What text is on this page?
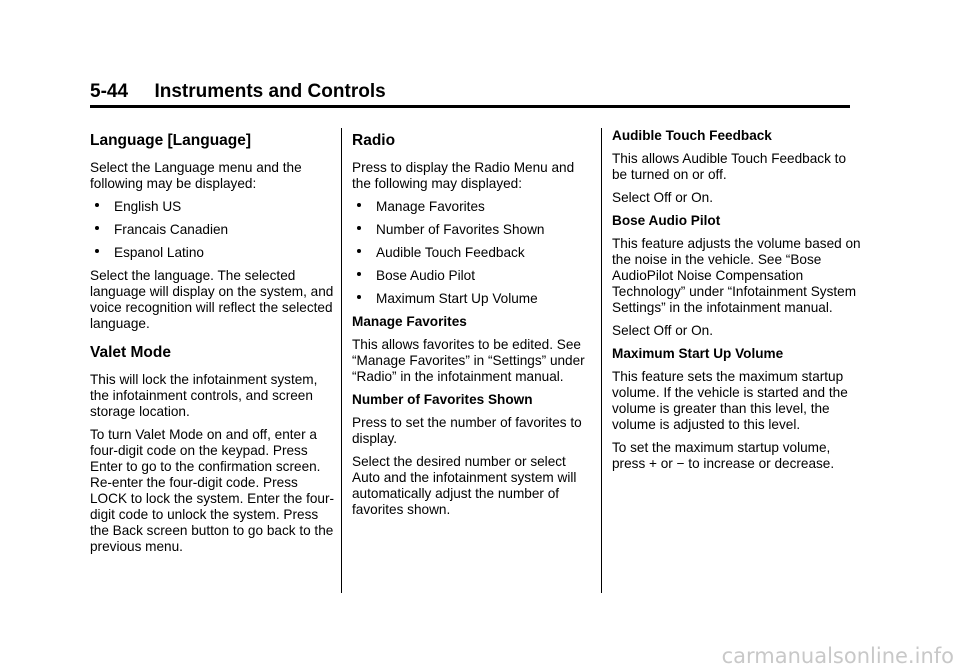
5-44 Instruments and Controls
Language [Language]

Select the Language menu and the following may be displayed:

English US
Francais Canadien
Espanol Latino

Select the language. The selected language will display on the system, and voice recognition will reflect the selected language.

Valet Mode

This will lock the infotainment system, the infotainment controls, and screen storage location.

To turn Valet Mode on and off, enter a four-digit code on the keypad. Press Enter to go to the confirmation screen. Re-enter the four-digit code. Press LOCK to lock the system. Enter the four-digit code to unlock the system. Press the Back screen button to go back to the previous menu.

Radio

Press to display the Radio Menu and the following may displayed:

Manage Favorites
Number of Favorites Shown
Audible Touch Feedback
Bose Audio Pilot
Maximum Start Up Volume

Manage Favorites

This allows favorites to be edited. See “Manage Favorites” in “Settings” under “Radio” in the infotainment manual.

Number of Favorites Shown

Press to set the number of favorites to display.

Select the desired number or select Auto and the infotainment system will automatically adjust the number of favorites shown.

Audible Touch Feedback

This allows Audible Touch Feedback to be turned on or off.

Select Off or On.

Bose Audio Pilot

This feature adjusts the volume based on the noise in the vehicle. See “Bose AudioPilot Noise Compensation Technology” under “Infotainment System Settings” in the infotainment manual.

Select Off or On.

Maximum Start Up Volume

This feature sets the maximum startup volume. If the vehicle is started and the volume is greater than this level, the volume is adjusted to this level.

To set the maximum startup volume, press + or − to increase or decrease.

carmanualsonline.info
